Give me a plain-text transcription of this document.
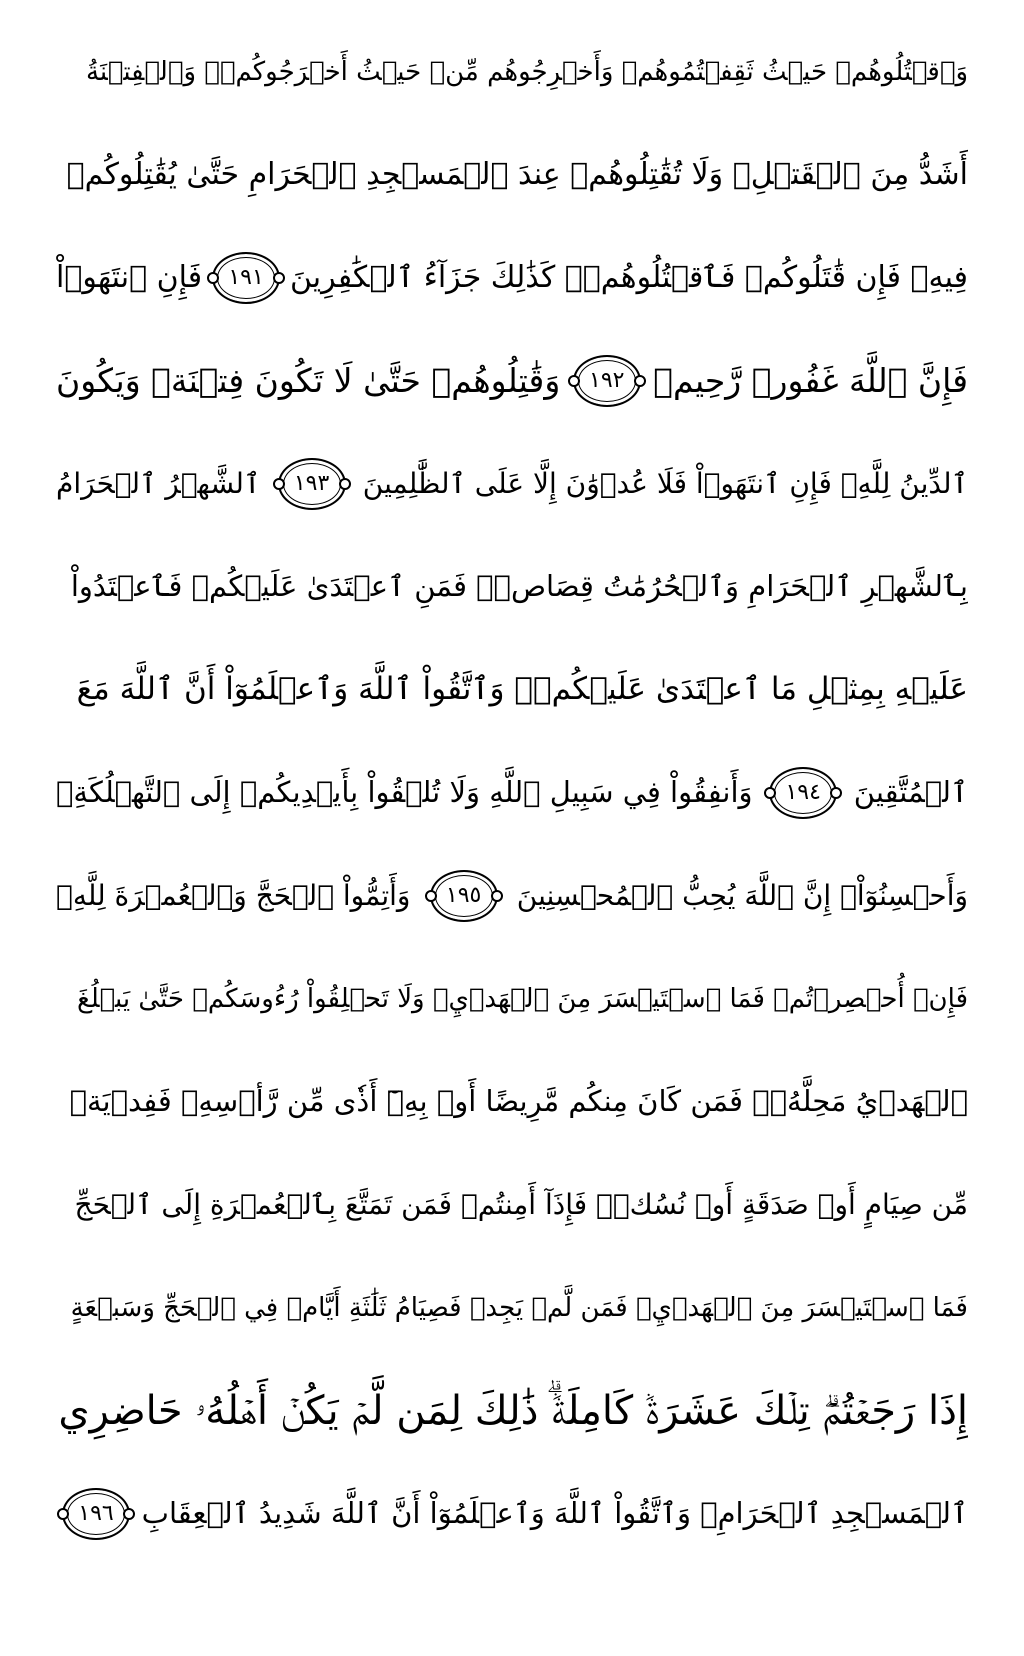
وَٱقۡتُلُوهُمۡ حَيۡثُ ثَقِفۡتُمُوهُمۡ وَأَخۡرِجُوهُم مِّنۡ حَيۡثُ أَخۡرَجُوكُمۡۚ وَٱلۡفِتۡنَةُ
أَشَدُّ مِنَ ٱلۡقَتۡلِۚ وَلَا تُقَٰتِلُوهُمۡ عِندَ ٱلۡمَسۡجِدِ ٱلۡحَرَامِ حَتَّىٰ يُقَٰتِلُوكُمۡ
فِيهِۖ فَإِن قَٰتَلُوكُمۡ فَٱقۡتُلُوهُمۡۗ كَذَٰلِكَ جَزَآءُ ٱلۡكَٰفِرِينَ
١٩١
فَإِنِ ٱنتَهَوۡاْ
فَإِنَّ ٱللَّهَ غَفُورٞ رَّحِيمٞ
١٩٢
وَقَٰتِلُوهُمۡ حَتَّىٰ لَا تَكُونَ فِتۡنَةٞ وَيَكُونَ
ٱلدِّينُ لِلَّهِۖ فَإِنِ ٱنتَهَوۡاْ فَلَا عُدۡوَٰنَ إِلَّا عَلَى ٱلظَّٰلِمِينَ
١٩٣
ٱلشَّهۡرُ ٱلۡحَرَامُ
بِٱلشَّهۡرِ ٱلۡحَرَامِ وَٱلۡحُرُمَٰتُ قِصَاصٞۚ فَمَنِ ٱعۡتَدَىٰ عَلَيۡكُمۡ فَٱعۡتَدُواْ
عَلَيۡهِ بِمِثۡلِ مَا ٱعۡتَدَىٰ عَلَيۡكُمۡۚ وَٱتَّقُواْ ٱللَّهَ وَٱعۡلَمُوٓاْ أَنَّ ٱللَّهَ مَعَ
ٱلۡمُتَّقِينَ
١٩٤
وَأَنفِقُواْ فِي سَبِيلِ ٱللَّهِ وَلَا تُلۡقُواْ بِأَيۡدِيكُمۡ إِلَى ٱلتَّهۡلُكَةِۛ
وَأَحۡسِنُوٓاْۛ إِنَّ ٱللَّهَ يُحِبُّ ٱلۡمُحۡسِنِينَ
١٩٥
وَأَتِمُّواْ ٱلۡحَجَّ وَٱلۡعُمۡرَةَ لِلَّهِۚ
فَإِنۡ أُحۡصِرۡتُمۡ فَمَا ٱسۡتَيۡسَرَ مِنَ ٱلۡهَدۡيِۖ وَلَا تَحۡلِقُواْ رُءُوسَكُمۡ حَتَّىٰ يَبۡلُغَ
ٱلۡهَدۡيُ مَحِلَّهُۥۚ فَمَن كَانَ مِنكُم مَّرِيضًا أَوۡ بِهِۦٓ أَذٗى مِّن رَّأۡسِهِۦ فَفِدۡيَةٞ
مِّن صِيَامٍ أَوۡ صَدَقَةٍ أَوۡ نُسُكٖۚ فَإِذَآ أَمِنتُمۡ فَمَن تَمَتَّعَ بِٱلۡعُمۡرَةِ إِلَى ٱلۡحَجِّ
فَمَا ٱسۡتَيۡسَرَ مِنَ ٱلۡهَدۡيِۚ فَمَن لَّمۡ يَجِدۡ فَصِيَامُ ثَلَٰثَةِ أَيَّامٖ فِي ٱلۡحَجِّ وَسَبۡعَةٍ
إِذَا رَجَعۡتُمۡۗ تِلۡكَ عَشَرَةٞ كَامِلَةٞۗ ذَٰلِكَ لِمَن لَّمۡ يَكُنۡ أَهۡلُهُۥ حَاضِرِي
ٱلۡمَسۡجِدِ ٱلۡحَرَامِۚ وَٱتَّقُواْ ٱللَّهَ وَٱعۡلَمُوٓاْ أَنَّ ٱللَّهَ شَدِيدُ ٱلۡعِقَابِ
١٩٦
